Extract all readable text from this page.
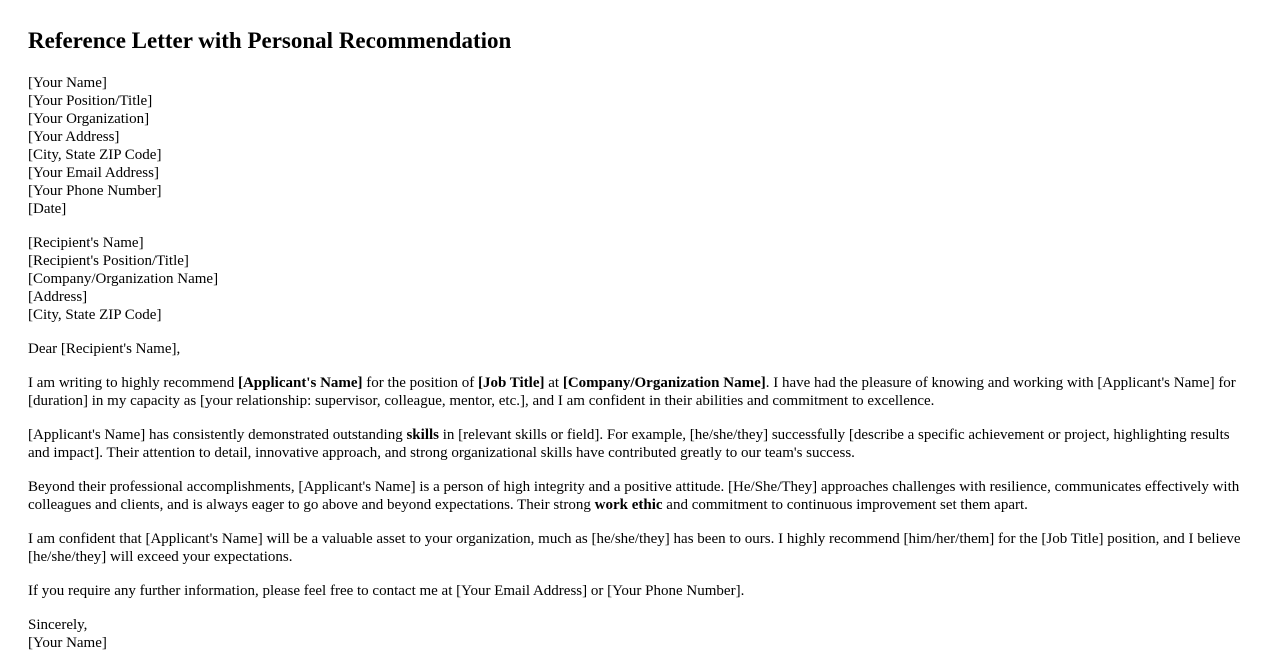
Reference Letter with Personal Recommendation
[Your Name]
[Your Position/Title]
[Your Organization]
[Your Address]
[City, State ZIP Code]
[Your Email Address]
[Your Phone Number]
[Date]
[Recipient's Name]
[Recipient's Position/Title]
[Company/Organization Name]
[Address]
[City, State ZIP Code]

Dear [Recipient's Name],

I am writing to highly recommend [Applicant's Name] for the position of [Job Title] at [Company/Organization Name]. I have had the pleasure of knowing and working with [Applicant's Name] for [duration] in my capacity as [your relationship: supervisor, colleague, mentor, etc.], and I am confident in their abilities and commitment to excellence.

[Applicant's Name] has consistently demonstrated outstanding skills in [relevant skills or field]. For example, [he/she/they] successfully [describe a specific achievement or project, highlighting results and impact]. Their attention to detail, innovative approach, and strong organizational skills have contributed greatly to our team's success.

Beyond their professional accomplishments, [Applicant's Name] is a person of high integrity and a positive attitude. [He/She/They] approaches challenges with resilience, communicates effectively with colleagues and clients, and is always eager to go above and beyond expectations. Their strong work ethic and commitment to continuous improvement set them apart.

I am confident that [Applicant's Name] will be a valuable asset to your organization, much as [he/she/they] has been to ours. I highly recommend [him/her/them] for the [Job Title] position, and I believe [he/she/they] will exceed your expectations.

If you require any further information, please feel free to contact me at [Your Email Address] or [Your Phone Number].

Sincerely,
[Your Name]
